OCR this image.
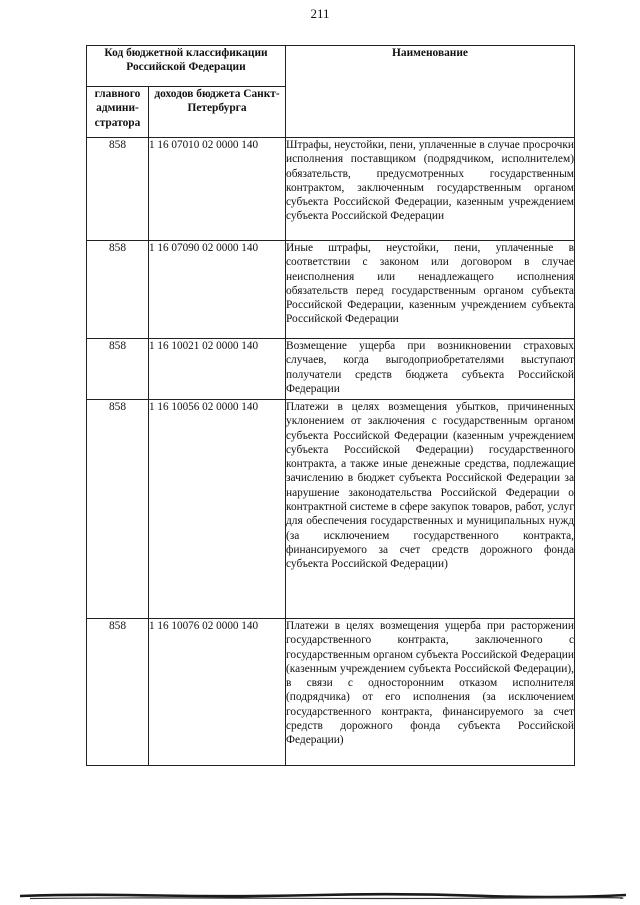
211
Код бюджетной классификации Российской Федерации		Наименование
главного админи-стратора	доходов бюджета Санкт-Петербурга	
858	1 16 07010 02 0000 140	Штрафы, неустойки, пени, уплаченные в случае просрочки исполнения поставщиком (подрядчиком, исполнителем) обязательств, предусмотренных государственным контрактом, заключенным государственным органом субъекта Российской Федерации, казенным учреждением субъекта Российской Федерации
858	1 16 07090 02 0000 140	Иные штрафы, неустойки, пени, уплаченные в соответствии с законом или договором в случае неисполнения или ненадлежащего исполнения обязательств перед государственным органом субъекта Российской Федерации, казенным учреждением субъекта Российской Федерации
858	1 16 10021 02 0000 140	Возмещение ущерба при возникновении страховых случаев, когда выгодоприобретателями выступают получатели средств бюджета субъекта Российской Федерации
858	1 16 10056 02 0000 140	Платежи в целях возмещения убытков, причиненных уклонением от заключения с государственным органом субъекта Российской Федерации (казенным учреждением субъекта Российской Федерации) государственного контракта, а также иные денежные средства, подлежащие зачислению в бюджет субъекта Российской Федерации за нарушение законодательства Российской Федерации о контрактной системе в сфере закупок товаров, работ, услуг для обеспечения государственных и муниципальных нужд (за исключением государственного контракта, финансируемого за счет средств дорожного фонда субъекта Российской Федерации)
858	1 16 10076 02 0000 140	Платежи в целях возмещения ущерба при расторжении государственного контракта, заключенного с государственным органом субъекта Российской Федерации (казенным учреждением субъекта Российской Федерации), в связи с односторонним отказом исполнителя (подрядчика) от его исполнения (за исключением государственного контракта, финансируемого за счет средств дорожного фонда субъекта Российской Федерации)
